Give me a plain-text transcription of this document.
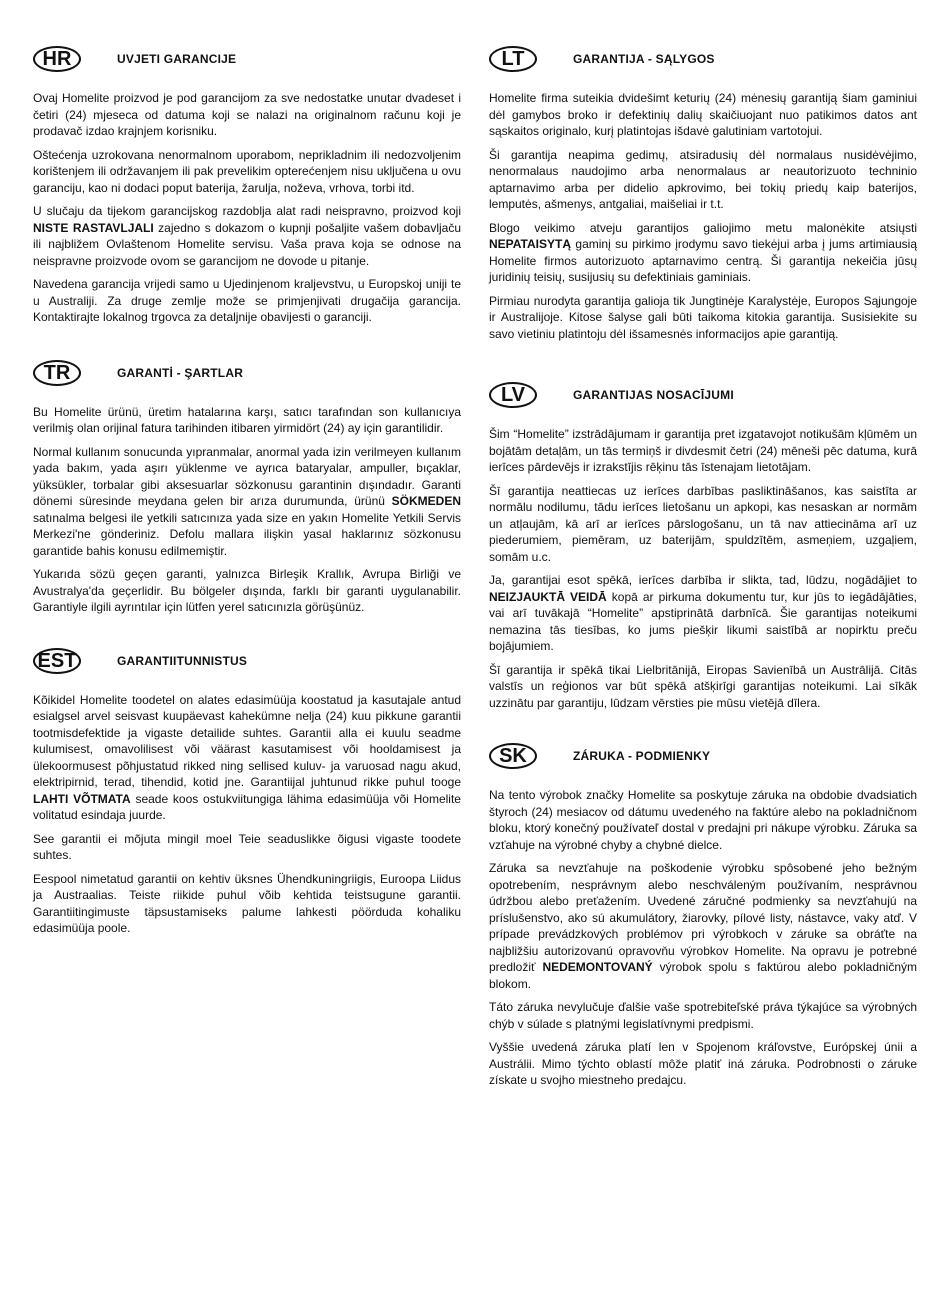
HR	UVJETI GARANCIJE

Ovaj Homelite proizvod je pod garancijom za sve nedostatke unutar dvadeset i četiri (24) mjeseca od datuma koji se nalazi na originalnom računu koji je prodavač izdao krajnjem korisniku.

Oštećenja uzrokovana nenormalnom uporabom, neprikladnim ili nedozvoljenim korištenjem ili održavanjem ili pak prevelikim opterećenjem nisu uključena u ovu garanciju, kao ni dodaci poput baterija, žarulja, noževa, vrhova, torbi itd.

U slučaju da tijekom garancijskog razdoblja alat radi neispravno, proizvod koji NISTE RASTAVLJALI zajedno s dokazom o kupnji pošaljite vašem dobavljaču ili najbližem Ovlaštenom Homelite servisu. Vaša prava koja se odnose na neispravne proizvode ovom se garancijom ne dovode u pitanje.

Navedena garancija vrijedi samo u Ujedinjenom kraljevstvu, u Europskoj uniji te u Australiji. Za druge zemlje može se primjenjivati drugačija garancija. Kontaktirajte lokalnog trgovca za detaljnije obavijesti o garanciji.

TR	GARANTİ - ŞARTLAR

Bu Homelite ürünü, üretim hatalarına karşı, satıcı tarafından son kullanıcıya verilmiş olan orijinal fatura tarihinden itibaren yirmidört (24) ay için garantilidir.

Normal kullanım sonucunda yıpranmalar, anormal yada izin verilmeyen kullanım yada bakım, yada aşırı yüklenme ve ayrıca bataryalar, ampuller, bıçaklar, yüksükler, torbalar gibi aksesuarlar sözkonusu garantinin dışındadır. Garanti dönemi süresinde meydana gelen bir arıza durumunda, ürünü SÖKMEDEN satınalma belgesi ile yetkili satıcınıza yada size en yakın Homelite Yetkili Servis Merkezi'ne gönderiniz. Defolu mallara ilişkin yasal haklarınız sözkonusu garantide bahis konusu edilmemiştir.

Yukarıda sözü geçen garanti, yalnızca Birleşik Krallık, Avrupa Birliği ve Avustralya'da geçerlidir. Bu bölgeler dışında, farklı bir garanti uygulanabilir. Garantiyle ilgili ayrıntılar için lütfen yerel satıcınızla görüşünüz.

EST	GARANTIITUNNISTUS

Kõikidel Homelite toodetel on alates edasimüüja koostatud ja kasutajale antud esialgsel arvel seisvast kuupäevast kahekümne nelja (24) kuu pikkune garantii tootmisdefektide ja vigaste detailide suhtes. Garantii alla ei kuulu seadme kulumisest, omavolilisest või väärast kasutamisest või hooldamisest ja ülekoormusest põhjustatud rikked ning sellised kuluv- ja varuosad nagu akud, elektripirnid, terad, tihendid, kotid jne. Garantiijal juhtunud rikke puhul tooge LAHTI VÕTMATA seade koos ostukviitungiga lähima edasimüüja või Homelite volitatud esindaja juurde.

See garantii ei mõjuta mingil moel Teie seaduslikke õigusi vigaste toodete suhtes.

Eespool nimetatud garantii on kehtiv üksnes Ühendkuningriigis, Euroopa Liidus ja Austraalias. Teiste riikide puhul võib kehtida teistsugune garantii. Garantiitingimuste täpsustamiseks palume lahkesti pöörduda kohaliku edasimüüja poole.

LT	GARANTIJA - SĄLYGOS

Homelite firma suteikia dvidešimt keturių (24) mėnesių garantiją šiam gaminiui dėl gamybos broko ir defektinių dalių skaičiuojant nuo patikimos datos ant sąskaitos originalo, kurį platintojas išdavė galutiniam vartotojui.

Ši garantija neapima gedimų, atsiradusių dėl normalaus nusidėvėjimo, nenormalaus naudojimo arba nenormalaus ar neautorizuoto techninio aptarnavimo arba per didelio apkrovimo, bei tokių priedų kaip baterijos, lemputės, ašmenys, antgaliai, maišeliai ir t.t.

Blogo veikimo atveju garantijos galiojimo metu malonėkite atsiųsti NEPATAISYTĄ gaminį su pirkimo įrodymu savo tiekėjui arba į jums artimiausią Homelite firmos autorizuoto aptarnavimo centrą. Ši garantija nekeičia jūsų juridinių teisių, susijusių su defektiniais gaminiais.

Pirmiau nurodyta garantija galioja tik Jungtinėje Karalystėje, Europos Sąjungoje ir Australijoje. Kitose šalyse gali būti taikoma kitokia garantija. Susisiekite su savo vietiniu platintoju dėl išsamesnės informacijos apie garantiją.

LV	GARANTIJAS NOSACĪJUMI

Šim “Homelite” izstrādājumam ir garantija pret izgatavojot notikušām kļūmēm un bojātām detaļām, un tās termiņš ir divdesmit četri (24) mēneši pēc datuma, kurā ierīces pārdevējs ir izrakstījis rēķinu tās īstenajam lietotājam.

Šī garantija neattiecas uz ierīces darbības pasliktināšanos, kas saistīta ar normālu nodilumu, tādu ierīces lietošanu un apkopi, kas nesaskan ar normām un atļaujām, kā arī ar ierīces pārslogošanu, un tā nav attiecināma arī uz piederumiem, piemēram, uz baterijām, spuldzītēm, asmeņiem, uzgaļiem, somām u.c.

Ja, garantijai esot spēkā, ierīces darbība ir slikta, tad, lūdzu, nogādājiet to NEIZJAUKTĀ VEIDĀ kopā ar pirkuma dokumentu tur, kur jūs to iegādājāties, vai arī tuvākajā “Homelite” apstiprinātā darbnīcā. Šie garantijas noteikumi nemazina tās tiesības, ko jums piešķir likumi saistībā ar nopirktu preču bojājumiem.

Šī garantija ir spēkā tikai Lielbritānijā, Eiropas Savienībā un Austrālijā. Citās valstīs un reģionos var būt spēkā atšķirīgi garantijas noteikumi. Lai sīkāk uzzinātu par garantiju, lūdzam vērsties pie mūsu vietējā dīlera.

SK	ZÁRUKA - PODMIENKY

Na tento výrobok značky Homelite sa poskytuje záruka na obdobie dvadsiatich štyroch (24) mesiacov od dátumu uvedeného na faktúre alebo na pokladničnom bloku, ktorý konečný používateľ dostal v predajni pri nákupe výrobku. Záruka sa vzťahuje na výrobné chyby a chybné dielce.

Záruka sa nevzťahuje na poškodenie výrobku spôsobené jeho bežným opotrebením, nesprávnym alebo neschváleným používaním, nesprávnou údržbou alebo preťažením. Uvedené záručné podmienky sa nevzťahujú na príslušenstvo, ako sú akumulátory, žiarovky, pílové listy, nástavce, vaky atď. V prípade prevádzkových problémov pri výrobkoch v záruke sa obráťte na najbližšiu autorizovanú opravovňu výrobkov Homelite. Na opravu je potrebné predložiť NEDEMONTOVANÝ výrobok spolu s faktúrou alebo pokladničným blokom.

Táto záruka nevylučuje ďalšie vaše spotrebiteľské práva týkajúce sa výrobných chýb v súlade s platnými legislatívnymi predpismi.

Vyššie uvedená záruka platí len v Spojenom kráľovstve, Európskej únii a Austrálii. Mimo týchto oblastí môže platiť iná záruka. Podrobnosti o záruke získate u svojho miestneho predajcu.
